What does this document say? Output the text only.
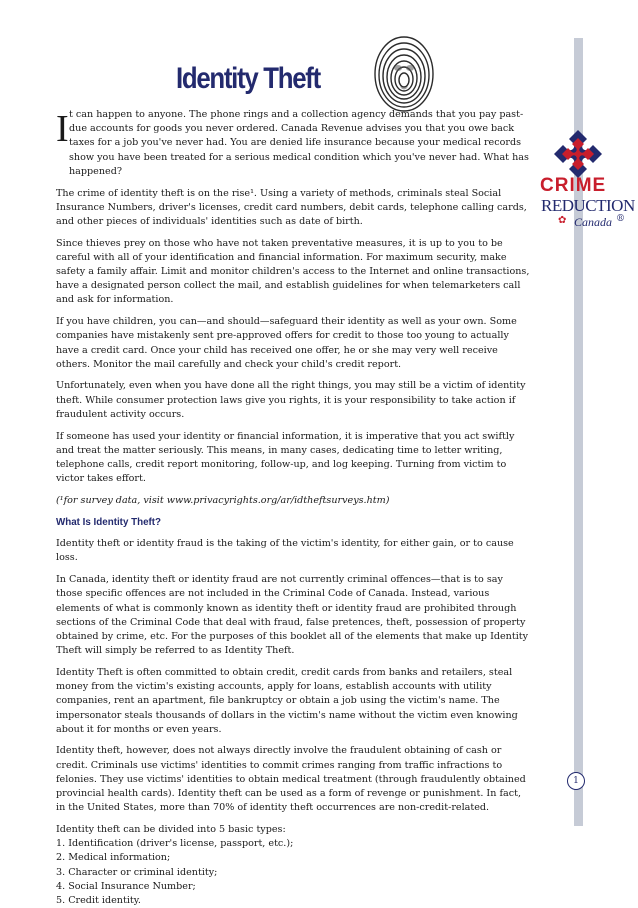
Identity Theft
CRIME
REDUCTION
✿ Canada ®

I t can happen to anyone. The phone rings and a collection agency demands that you pay past-due accounts for goods you never ordered. Canada Revenue advises you that you owe back taxes for a job you've never had. You are denied life insurance because your medical records show you have been treated for a serious medical condition which you've never had. What has happened?

The crime of identity theft is on the rise¹. Using a variety of methods, criminals steal Social Insurance Numbers, driver's licenses, credit card numbers, debit cards, telephone calling cards, and other pieces of individuals' identities such as date of birth.

Since thieves prey on those who have not taken preventative measures, it is up to you to be careful with all of your identification and financial information. For maximum security, make safety a family affair. Limit and monitor children's access to the Internet and online transactions, have a designated person collect the mail, and establish guidelines for when telemarketers call and ask for information.

If you have children, you can—and should—safeguard their identity as well as your own. Some companies have mistakenly sent pre-approved offers for credit to those too young to actually have a credit card. Once your child has received one offer, he or she may very well receive others. Monitor the mail carefully and check your child's credit report.

Unfortunately, even when you have done all the right things, you may still be a victim of identity theft. While consumer protection laws give you rights, it is your responsibility to take action if fraudulent activity occurs.

If someone has used your identity or financial information, it is imperative that you act swiftly and treat the matter seriously. This means, in many cases, dedicating time to letter writing, telephone calls, credit report monitoring, follow-up, and log keeping. Turning from victim to victor takes effort.

(¹for survey data, visit www.privacyrights.org/ar/idtheftsurveys.htm)

What Is Identity Theft?

Identity theft or identity fraud is the taking of the victim's identity, for either gain, or to cause loss.

In Canada, identity theft or identity fraud are not currently criminal offences—that is to say those specific offences are not included in the Criminal Code of Canada. Instead, various elements of what is commonly known as identity theft or identity fraud are prohibited through sections of the Criminal Code that deal with fraud, false pretences, theft, possession of property obtained by crime, etc. For the purposes of this booklet all of the elements that make up Identity Theft will simply be referred to as Identity Theft.

Identity Theft is often committed to obtain credit, credit cards from banks and retailers, steal money from the victim's existing accounts, apply for loans, establish accounts with utility companies, rent an apartment, file bankruptcy or obtain a job using the victim's name. The impersonator steals thousands of dollars in the victim's name without the victim even knowing about it for months or even years.

Identity theft, however, does not always directly involve the fraudulent obtaining of cash or credit. Criminals use victims' identities to commit crimes ranging from traffic infractions to felonies. They use victims' identities to obtain medical treatment (through fraudulently obtained provincial health cards). Identity theft can be used as a form of revenge or punishment. In fact, in the United States, more than 70% of identity theft occurrences are non-credit-related.

Identity theft can be divided into 5 basic types:

1. Identification (driver's license, passport, etc.);
2. Medical information;
3. Character or criminal identity;
4. Social Insurance Number;
5. Credit identity.
1
